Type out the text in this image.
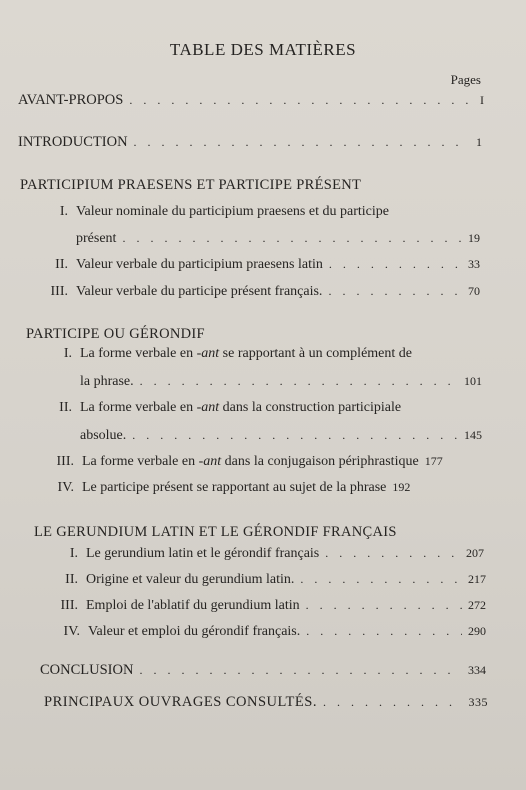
TABLE DES MATIÈRES
Pages
AVANT-PROPOS . . .	I
INTRODUCTION . . .	1
PARTICIPIUM PRAESENS ET PARTICIPE PRÉSENT
I. Valeur nominale du participium praesens et du participe
présent . . .	19
II. Valeur verbale du participium praesens latin . . .	33
III. Valeur verbale du participe présent français. . . .	70
PARTICIPE OU GÉRONDIF
I. La forme verbale en -ant se rapportant à un complément de
la phrase. . . .	101
II. La forme verbale en -ant dans la construction participiale
absolue. . . .	145
III. La forme verbale en -ant dans la conjugaison périphrastique 177
IV. Le participe présent se rapportant au sujet de la phrase 192
LE GERUNDIUM LATIN ET LE GÉRONDIF FRANÇAIS
I. Le gerundium latin et le gérondif français . . .	207
II. Origine et valeur du gerundium latin. . . .	217
III. Emploi de l'ablatif du gerundium latin . . .	272
IV. Valeur et emploi du gérondif français. . . .	290
CONCLUSION . . .	334
PRINCIPAUX OUVRAGES CONSULTÉS. . . .	335
